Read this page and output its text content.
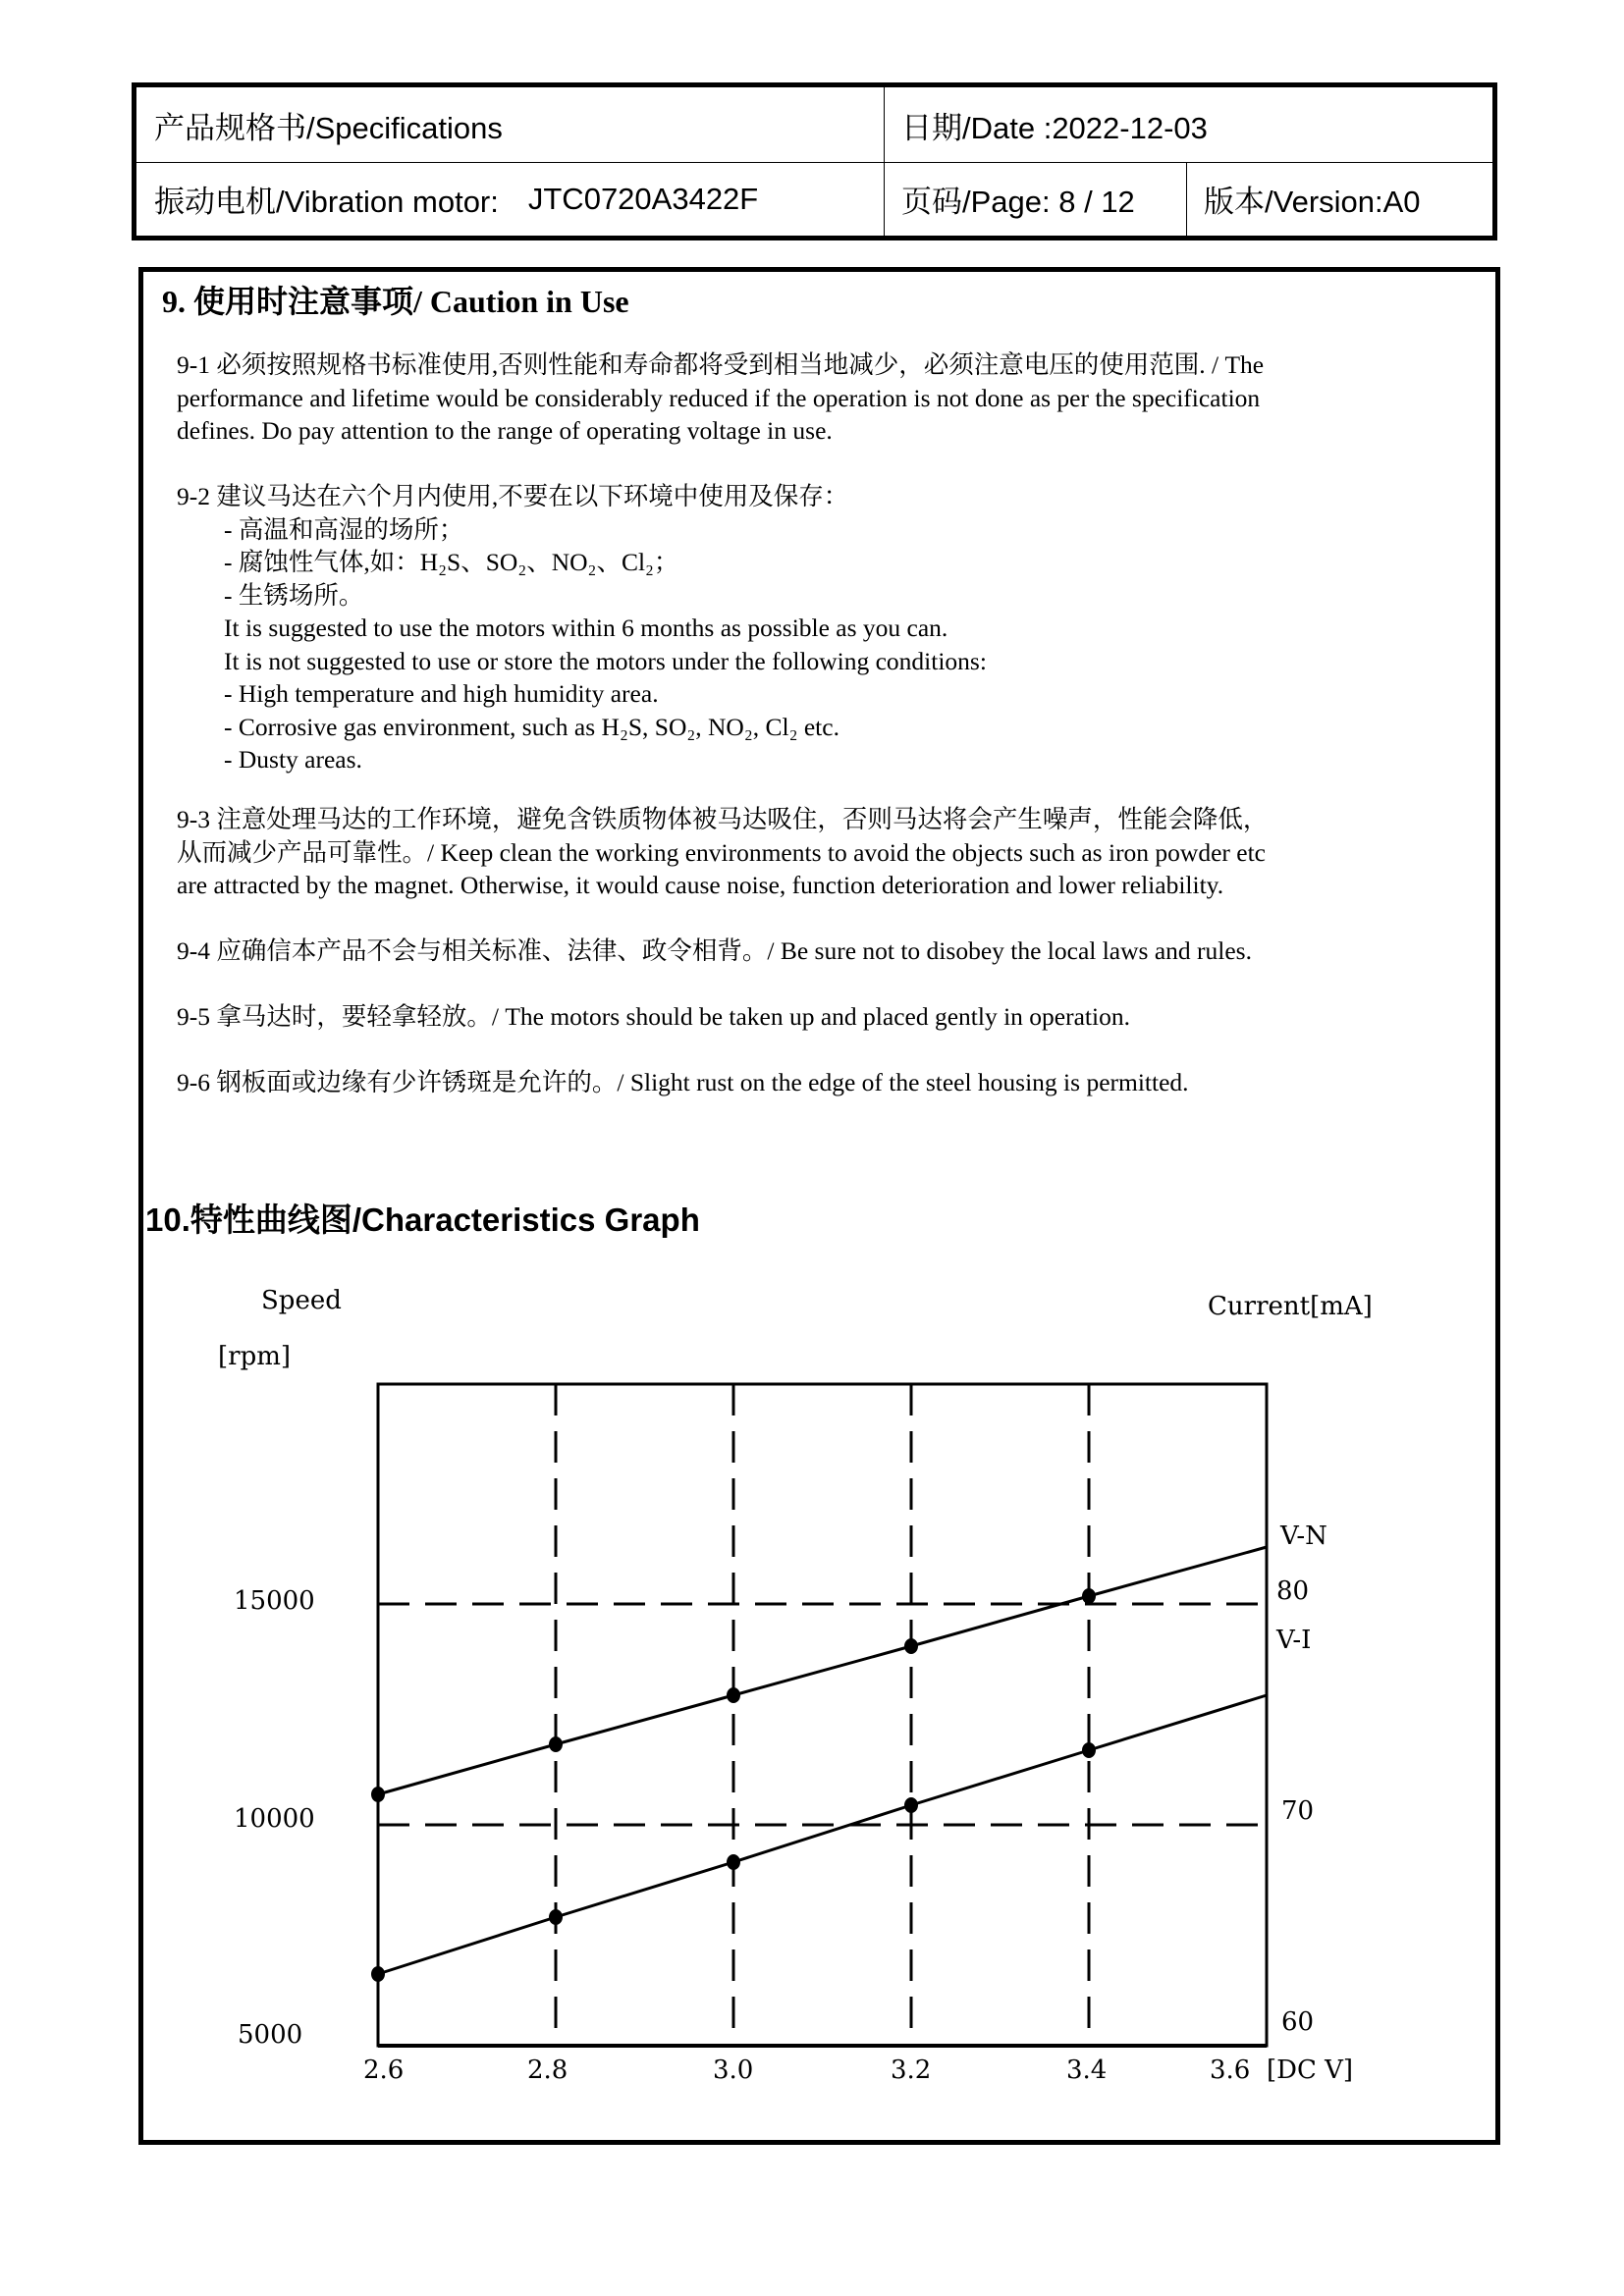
产品规格书/Specifications	日期/Date :2022-12-03
振动电机/Vibration motor: JTC0720A3422F	页码/Page: 8 / 12	版本/Version:A0
9. 使用时注意事项/ Caution in Use
9-1 必须按照规格书标准使用,否则性能和寿命都将受到相当地减少，必须注意电压的使用范围. / The
performance and lifetime would be considerably reduced if the operation is not done as per the specification
defines. Do pay attention to the range of operating voltage in use.
9-2 建议马达在六个月内使用,不要在以下环境中使用及保存：
- 高温和高湿的场所；
- 腐蚀性气体,如：H₂S、SO₂、NO₂、Cl₂；
- 生锈场所。
It is suggested to use the motors within 6 months as possible as you can.
It is not suggested to use or store the motors under the following conditions:
- High temperature and high humidity area.
- Corrosive gas environment, such as H₂S, SO₂, NO₂, Cl₂ etc.
- Dusty areas.
9-3 注意处理马达的工作环境，避免含铁质物体被马达吸住，否则马达将会产生噪声，性能会降低，
从而减少产品可靠性。/ Keep clean the working environments to avoid the objects such as iron powder etc
are attracted by the magnet. Otherwise, it would cause noise, function deterioration and lower reliability.
9-4 应确信本产品不会与相关标准、法律、政令相背。/ Be sure not to disobey the local laws and rules.
9-5 拿马达时，要轻拿轻放。/ The motors should be taken up and placed gently in operation.
9-6 钢板面或边缘有少许锈斑是允许的。/ Slight rust on the edge of the steel housing is permitted.
10.特性曲线图/Characteristics Graph
Speed
[rpm]
Current[mA]
15000
10000
5000
V-N
80
V-I
70
60
2.6	2.8	3.0	3.2	3.4	3.6 [DC V]
